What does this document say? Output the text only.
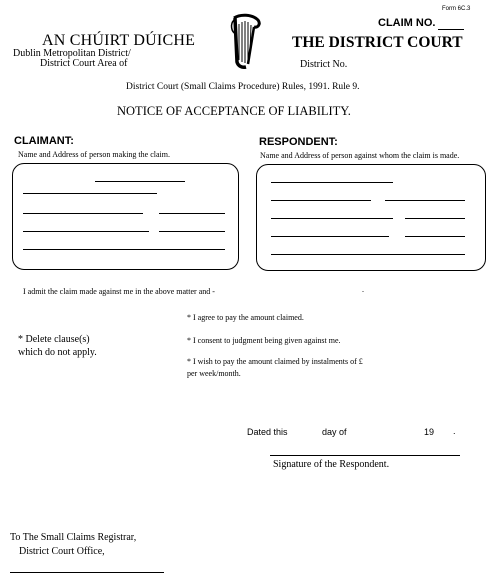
Form 6C.3
AN CHÚIRT DÚICHE
CLAIM NO.
THE DISTRICT COURT
Dublin Metropolitan District/
District Court Area of	District No.
District Court (Small Claims Procedure) Rules, 1991. Rule 9.
NOTICE OF ACCEPTANCE OF LIABILITY.
CLAIMANT:
Name and Address of person making the claim.
RESPONDENT:
Name and Address of person against whom the claim is made.
I admit the claim made against me in the above matter and -	.
* I agree to pay the amount claimed.
* I consent to judgment being given against me.
* I wish to pay the amount claimed by instalments of £
per week/month.
* Delete clause(s)
which do not apply.
Dated this	day of	19 .
Signature of the Respondent.
To The Small Claims Registrar,
District Court Office,
